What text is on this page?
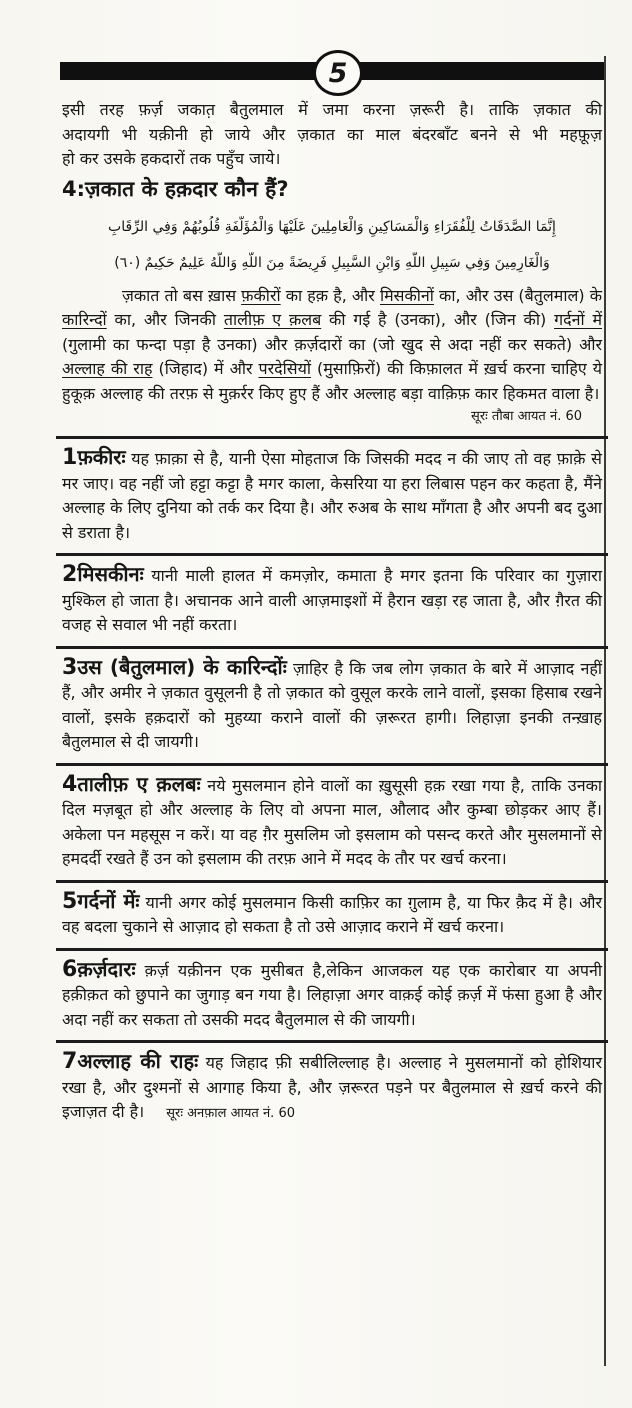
5

इसी तरह फ़र्ज़ जकात़ बैतुलमाल में जमा करना ज़रूरी है। ताकि ज़कात की

अदायगी भी यक़ीनी हो जाये और ज़कात का माल बंदरबाँट बनने से भी महफ़ूज़

हो कर उसके हकदारों तक पहुँच जाये।

4:ज़कात के हक़दार कौन हैं?

إِنَّمَا الصَّدَقَاتُ لِلْفُقَرَاءِ وَالْمَسَاكِينِ وَالْعَامِلِينَ عَلَيْهَا وَالْمُؤَلَّفَةِ قُلُوبُهُمْ وَفِي الرِّقَابِ

وَالْغَارِمِينَ وَفِي سَبِيلِ اللَّهِ وَابْنِ السَّبِيلِ فَرِيضَةً مِنَ اللَّهِ وَاللَّهُ عَلِيمٌ حَكِيمٌ (٦٠)

ज़कात तो बस ख़ास फ़कीरों का हक़ है, और मिसकीनों का, और उस (बैतुलमाल) के कारिन्दों का, और जिनकी तालीफ़ ए क़लब की गई है (उनका), और (जिन की) गर्दनों में (गुलामी का फन्दा पड़ा है उनका) और क़र्ज़दारों का (जो खुद से अदा नहीं कर सकते) और अल्लाह की राह (जिहाद) में और परदेसियों (मुसाफ़िरों) की किफ़ालत में ख़र्च करना चाहिए ये हुकूक़ अल्लाह की तरफ़ से मुक़र्रर किए हुए हैं और अल्लाह बड़ा वाक़िफ़ कार हिकमत वाला है।

सूरः तौबा आयत नं. 60

1फ़कीरः यह फ़ाक़ा से है, यानी ऐसा मोहताज कि जिसकी मदद न की जाए तो वह फ़ाक़े से मर जाए। वह नहीं जो हट्टा कट्टा है मगर काला, केसरिया या हरा लिबास पहन कर कहता है, मैंने अल्लाह के लिए दुनिया को तर्क कर दिया है। और रुअब के साथ माँगता है और अपनी बद दुआ से डराता है।

2मिसकीनः यानी माली हालत में कमज़ोर, कमाता है मगर इतना कि परिवार का गुज़ारा मुश्किल हो जाता है। अचानक आने वाली आज़माइशों में हैरान खड़ा रह जाता है, और ग़ैरत की वजह से सवाल भी नहीं करता।

3उस (बैतुलमाल) के कारिन्दोंः ज़ाहिर है कि जब लोग ज़कात के बारे में आज़ाद नहीं हैं, और अमीर ने ज़कात वुसूलनी है तो ज़कात को वुसूल करके लाने वालों, इसका हिसाब रखने वालों, इसके हक़दारों को मुहय्या कराने वालों की ज़रूरत हागी। लिहाज़ा इनकी तन्ख़ाह बैतुलमाल से दी जायगी।

4तालीफ़ ए क़लबः नये मुसलमान होने वालों का ख़ुसूसी हक़ रखा गया है, ताकि उनका दिल मज़बूत हो और अल्लाह के लिए वो अपना माल, औलाद और कुम्बा छोड़कर आए हैं। अकेला पन महसूस न करें। या वह ग़ैर मुसलिम जो इसलाम को पसन्द करते और मुसलमानों से हमदर्दी रखते हैं उन को इसलाम की तरफ़ आने में मदद के तौर पर खर्च करना।

5गर्दनों मेंः यानी अगर कोई मुसलमान किसी काफ़िर का ग़ुलाम है, या फिर क़ैद में है। और वह बदला चुकाने से आज़ाद हो सकता है तो उसे आज़ाद कराने में खर्च करना।

6क़र्ज़दारः क़र्ज़ यक़ीनन एक मुसीबत है,लेकिन आजकल यह एक कारोबार या अपनी हक़ीक़त को छुपाने का जुगाड़ बन गया है। लिहाज़ा अगर वाक़ई कोई क़र्ज़ में फंसा हुआ है और अदा नहीं कर सकता तो उसकी मदद बैतुलमाल से की जायगी।

7अल्लाह की राहः यह जिहाद फ़ी सबीलिल्लाह है। अल्लाह ने मुसलमानों को होशियार रखा है, और दुश्मनों से आगाह किया है, और ज़रूरत पड़ने पर बैतुलमाल से ख़र्च करने की इजाज़त दी है। सूरः अनफ़ाल आयत नं. 60
